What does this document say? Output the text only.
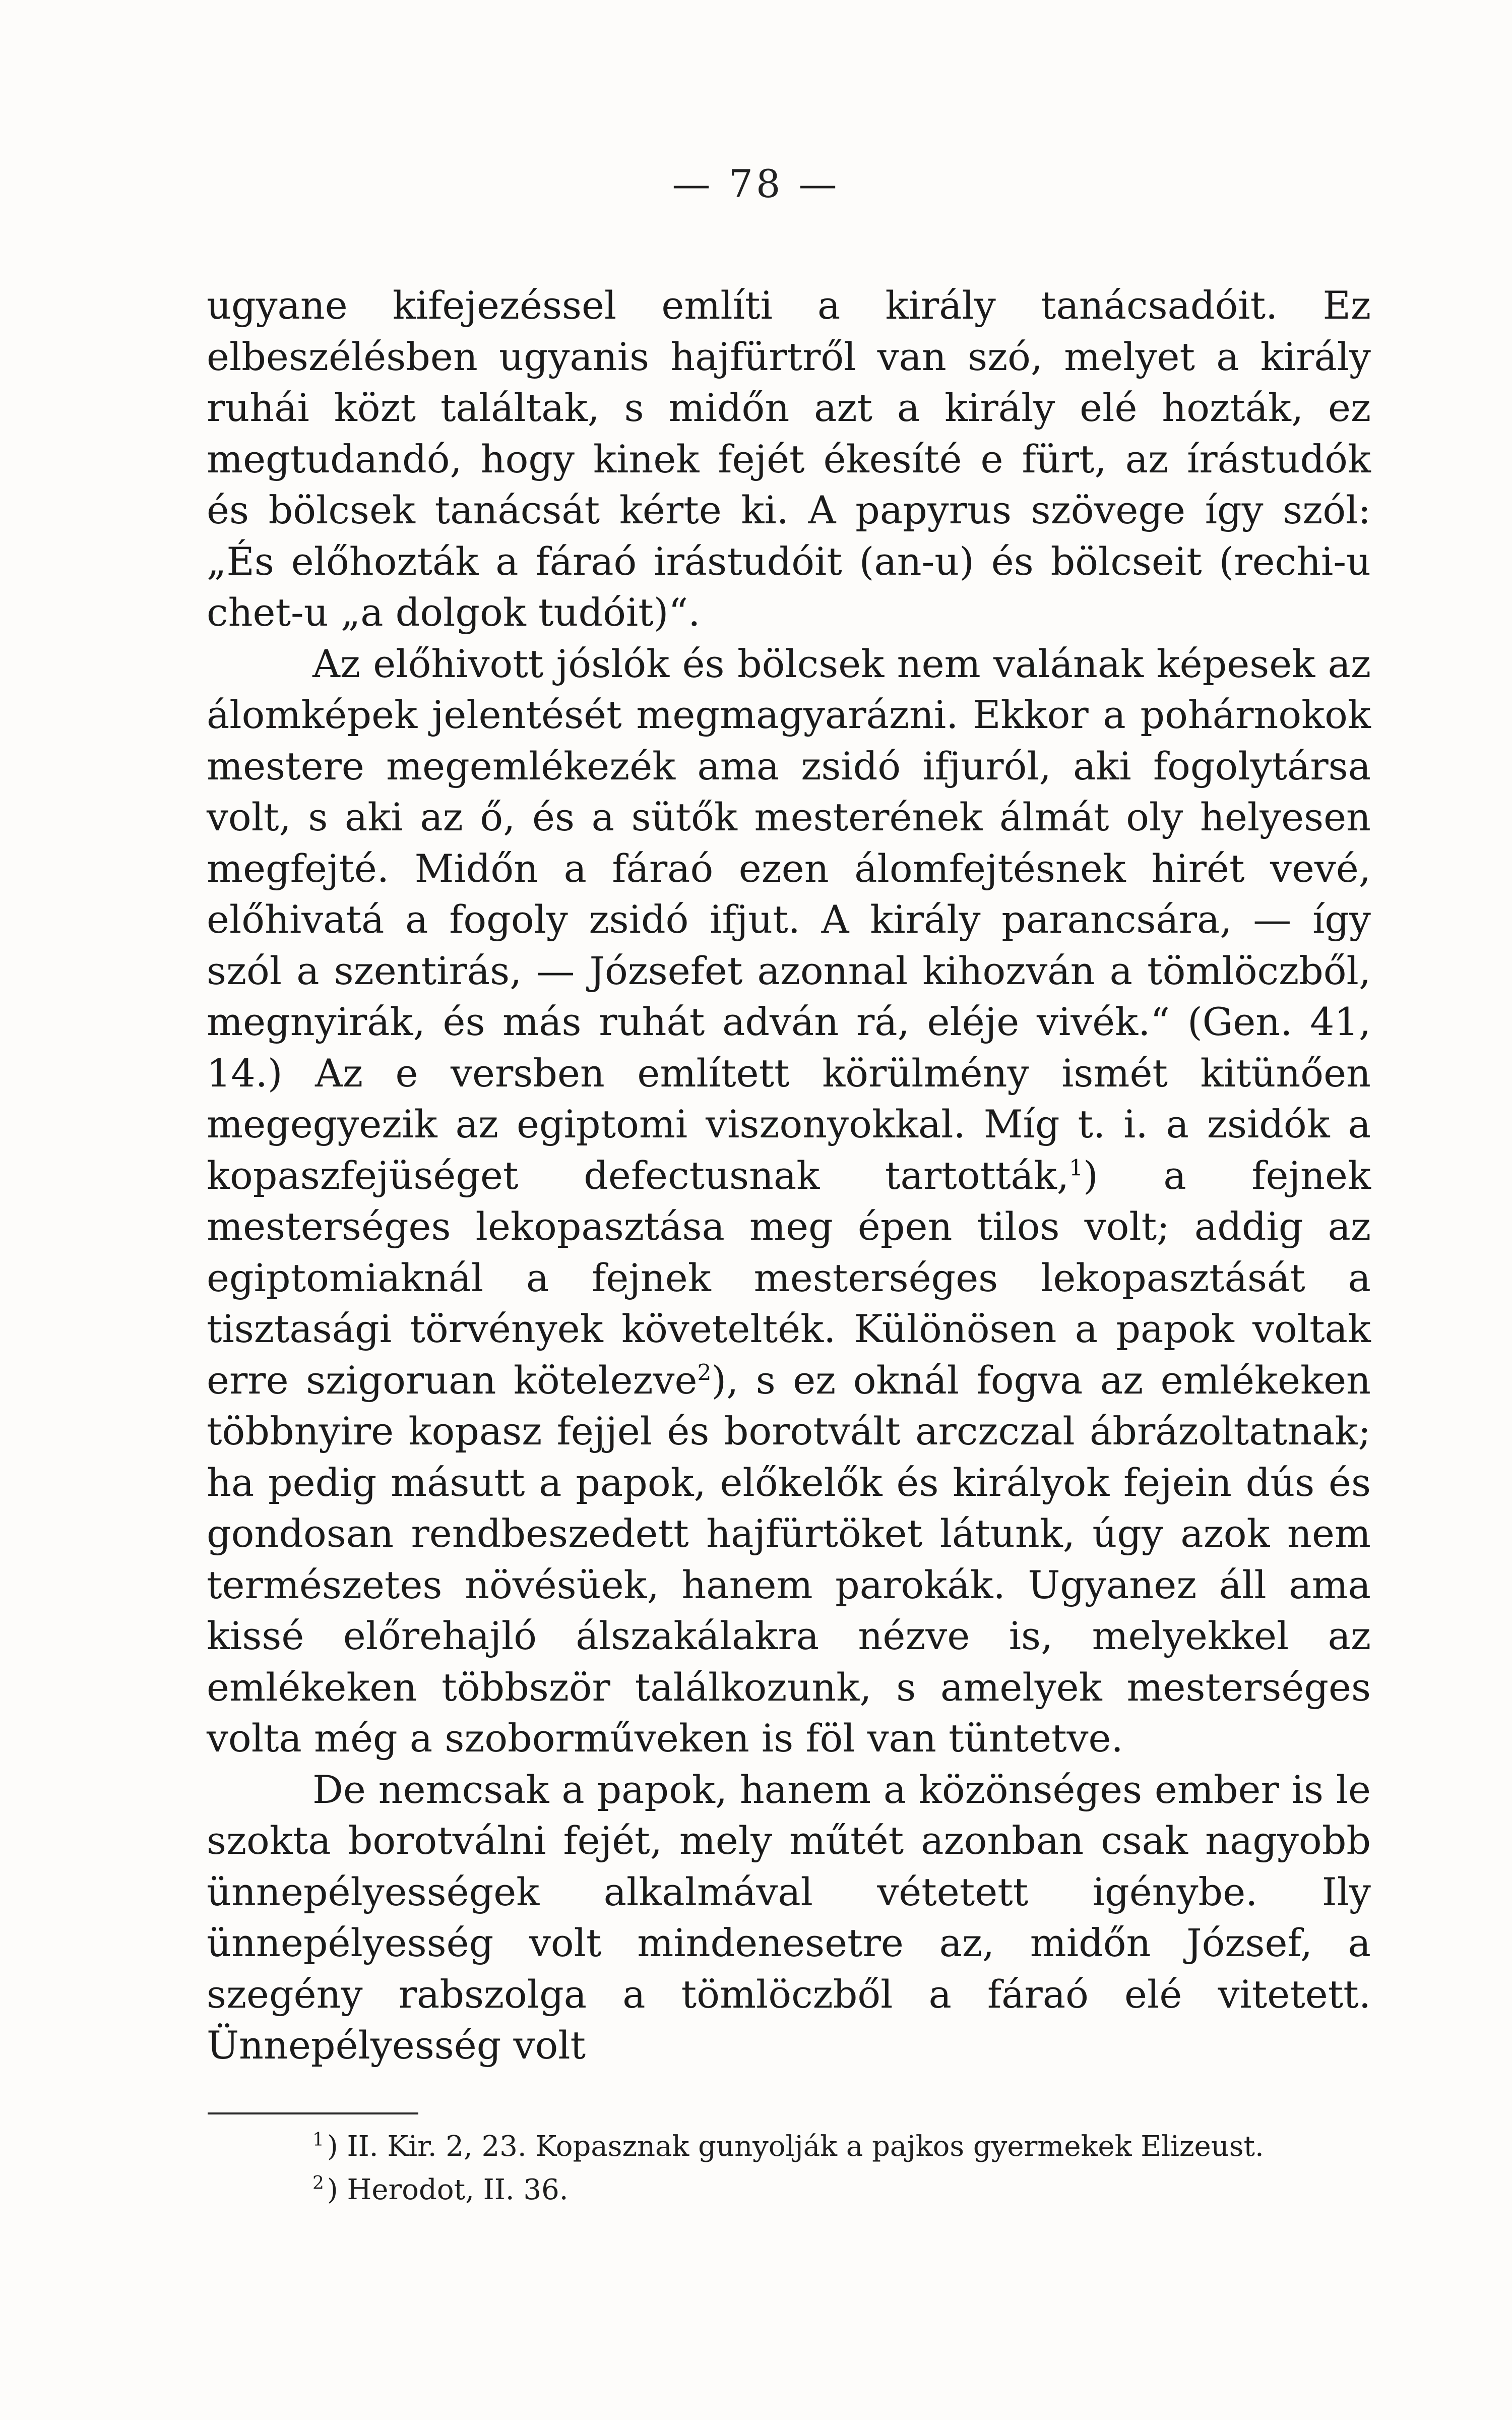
— 78 —

ugyane kifejezéssel említi a király tanácsadóit. Ez elbeszélésben ugyanis hajfürtről van szó, melyet a király ruhái közt találtak, s midőn azt a király elé hozták, ez megtudandó, hogy kinek fejét ékesíté e fürt, az írástudók és bölcsek tanácsát kérte ki. A papyrus szövege így szól: „És előhozták a fáraó irástudóit (an-u) és bölcseit (rechi-u chet-u „a dolgok tudóit)“.

Az előhivott jóslók és bölcsek nem valának képesek az álomképek jelentését megmagyarázni. Ekkor a pohárnokok mestere megemlékezék ama zsidó ifjuról, aki fogolytársa volt, s aki az ő, és a sütők mesterének álmát oly helyesen megfejté. Midőn a fáraó ezen álomfejtésnek hirét vevé, előhivatá a fogoly zsidó ifjut. A király parancsára, — így szól a szentirás, — Józsefet azonnal kihozván a tömlöczből, megnyirák, és más ruhát adván rá, eléje vivék.“ (Gen. 41, 14.) Az e versben említett körülmény ismét kitünően megegyezik az egiptomi viszonyokkal. Míg t. i. a zsidók a kopaszfejüséget defectusnak tartották,$^1$) a fejnek mesterséges lekopasztása meg épen tilos volt; addig az egiptomiaknál a fejnek mesterséges lekopasztását a tisztasági törvények követelték. Különösen a papok voltak erre szigoruan kötelezve$^2$), s ez oknál fogva az emlékeken többnyire kopasz fejjel és borotvált arczczal ábrázoltatnak; ha pedig másutt a papok, előkelők és királyok fejein dús és gondosan rendbeszedett hajfürtöket látunk, úgy azok nem természetes növésüek, hanem parokák. Ugyanez áll ama kissé előrehajló álszakálakra nézve is, melyekkel az emlékeken többször találkozunk, s amelyek mesterséges volta még a szoborműveken is föl van tüntetve.

De nemcsak a papok, hanem a közönséges ember is le szokta borotválni fejét, mely műtét azonban csak nagyobb ünnepélyességek alkalmával vétetett igénybe. Ily ünnepélyesség volt mindenesetre az, midőn József, a szegény rabszolga a tömlöczből a fáraó elé vitetett. Ünnepélyesség volt

$^1$ ) II. Kir. 2, 23. Kopasznak gunyolják a pajkos gyermekek Elizeust.
$^2$ ) Herodot, II. 36.
